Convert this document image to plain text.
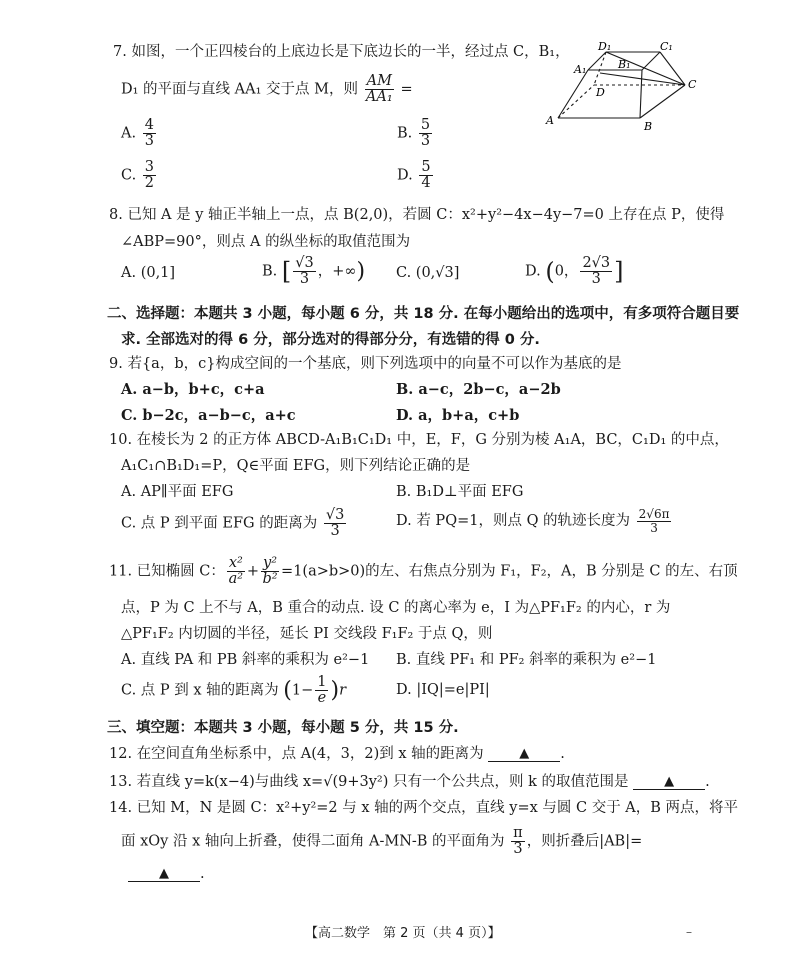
7. 如图，一个正四棱台的上底边长是下底边长的一半，经过点 C，B₁，
D₁ 的平面与直线 AA₁ 交于点 M，则 $\frac{AM}{\text{AA₁}}$ =
A. $\frac{4}{3}$	B. $\frac{5}{3}$
C. $\frac{3}{2}$	D. $\frac{5}{4}$
D₁	C₁
A₁	B₁
D
C
A	B
8. 已知 A 是 y 轴正半轴上一点，点 B(2,0)，若圆 C：x²+y²−4x−4y−7=0 上存在点 P，使得
∠ABP=90°，则点 A 的纵坐标的取值范围为
A. (0,1]	B. [ $\frac{√3}{3}$ ，+∞) C. (0,√3]	D. (0， $\frac{2√3}{3}$ ]
二、选择题：本题共 3 小题，每小题 6 分，共 18 分. 在每小题给出的选项中，有多项符合题目要
求. 全部选对的得 6 分，部分选对的得部分分，有选错的得 0 分.
9. 若{a，b，c}构成空间的一个基底，则下列选项中的向量不可以作为基底的是
A. a−b，b+c，c+a	B. a−c，2b−c，a−2b
C. b−2c，a−b−c，a+c	D. a，b+a，c+b
10. 在棱长为 2 的正方体 ABCD-A₁B₁C₁D₁ 中，E，F，G 分别为棱 A₁A，BC，C₁D₁ 的中点，
A₁C₁∩B₁D₁=P，Q∈平面 EFG，则下列结论正确的是
A. AP∥平面 EFG	B. B₁D⊥平面 EFG
C. 点 P 到平面 EFG 的距离为 $\frac{√3}{3}$	D. 若 PQ=1，则点 Q 的轨迹长度为 $\frac{2√6\pi}{3}$
11. 已知椭圆 C： $\frac{\text{x²}}{\text{a²}} + \frac{\text{y²}}{\text{b²}} =1(a>b>0)$的左、右焦点分别为 F₁，F₂，A，B 分别是 C 的左、右顶
点，P 为 C 上不与 A，B 重合的动点. 设 C 的离心率为 e，I 为△PF₁F₂ 的内心，r 为
△PF₁F₂ 内切圆的半径，延长 PI 交线段 F₁F₂ 于点 Q，则
A. 直线 PA 和 PB 斜率的乘积为 e²−1 B. 直线 PF₁ 和 PF₂ 斜率的乘积为 e²−1
C. 点 P 到 x 轴的距离为 $(1- \frac{1}{e} )r$	D. |IQ|=e|PI|
三、填空题：本题共 3 小题，每小题 5 分，共 15 分.
12. 在空间直角坐标系中，点 A(4，3，2)到 x 轴的距离为	▲ .
13. 若直线 y=k(x−4)与曲线 x=√(9+3y²) 只有一个公共点，则 k 的取值范围是	▲ .
14. 已知 M，N 是圆 C：x²+y²=2 与 x 轴的两个交点，直线 y=x 与圆 C 交于 A，B 两点，将平
面 xOy 沿 x 轴向上折叠，使得二面角 A-MN-B 的平面角为 $\frac{\pi}{3}$ ，则折叠后|AB|=
▲ .
【高二数学　第 2 页（共 4 页）】	–
